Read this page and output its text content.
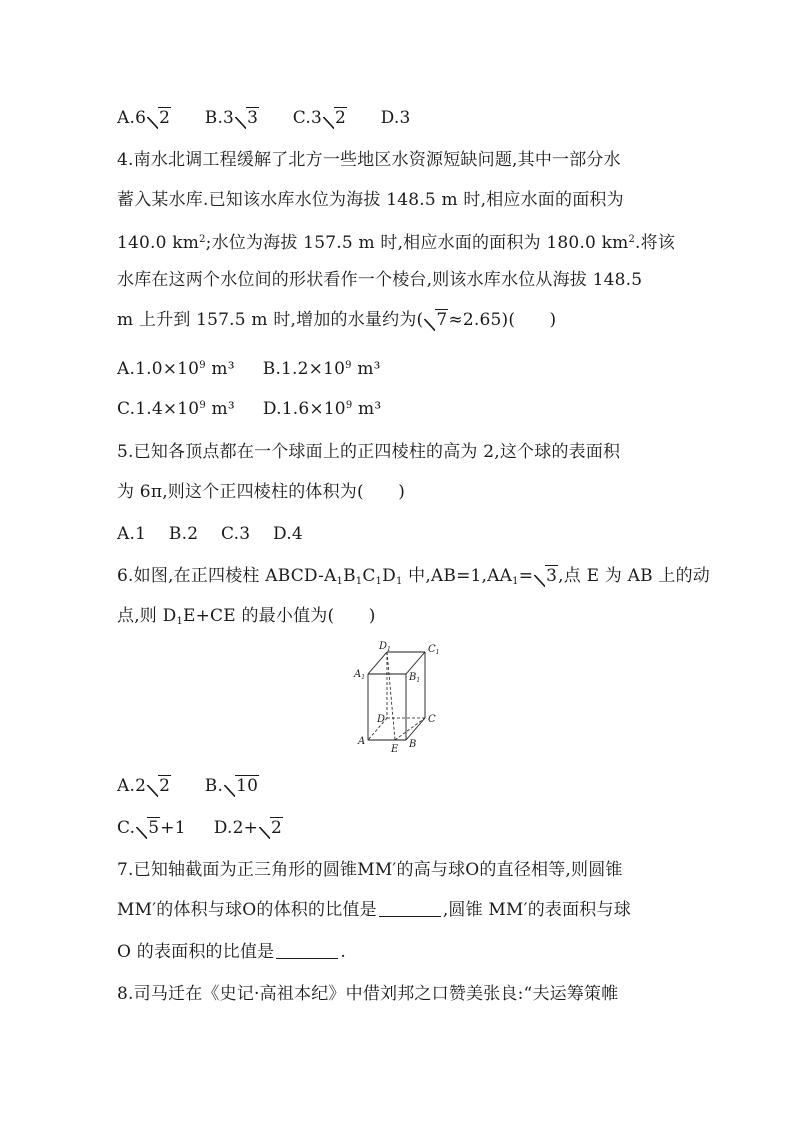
A.6 2 B.3 3 C.3 2 D.3
4.南水北调工程缓解了北方一些地区水资源短缺问题,其中一部分水
蓄入某水库.已知该水库水位为海拔 148.5 m 时,相应水面的面积为
140.0 $km^2$;水位为海拔 157.5 m 时,相应水面的面积为 180.0 $km^2$.将该
水库在这两个水位间的形状看作一个棱台,则该水库水位从海拔 148.5
m 上升到 157.5 m 时,增加的水量约为( 7≈2.65)(　　)
$A.1.0\times 10^9$ m³ $B.1.2\times 10^9$ m³
$C.1.4\times 10^9$ m³ $D.1.6\times 10^9$ m³
5.已知各顶点都在一个球面上的正四棱柱的高为 2,这个球的表面积
为 6π,则这个正四棱柱的体积为(　　)
A.1　 B.2　 C.3　 D.4
6.如图,在正四棱柱 ABCD-$A_1B_1C_1D_1$ 中$,AB=1,AA_1= 3$,点 E 为 AB 上的动
点,则 $D_1E+CE$ 的最小值为(　　)
$D_1$	$C_1$
$A_1$	$B_1$
D	C
A	B
E
A.2 2 B. 10
C. 5+1 D.2+ 2
7.已知轴截面为正三角形的圆锥MM′的高与球O的直径相等,则圆锥
MM′的体积与球O的体积的比值是	,圆锥 MM′的表面积与球
O 的表面积的比值是	.
8.司马迁在《史记·高祖本纪》中借刘邦之口赞美张良:“夫运筹策帷
